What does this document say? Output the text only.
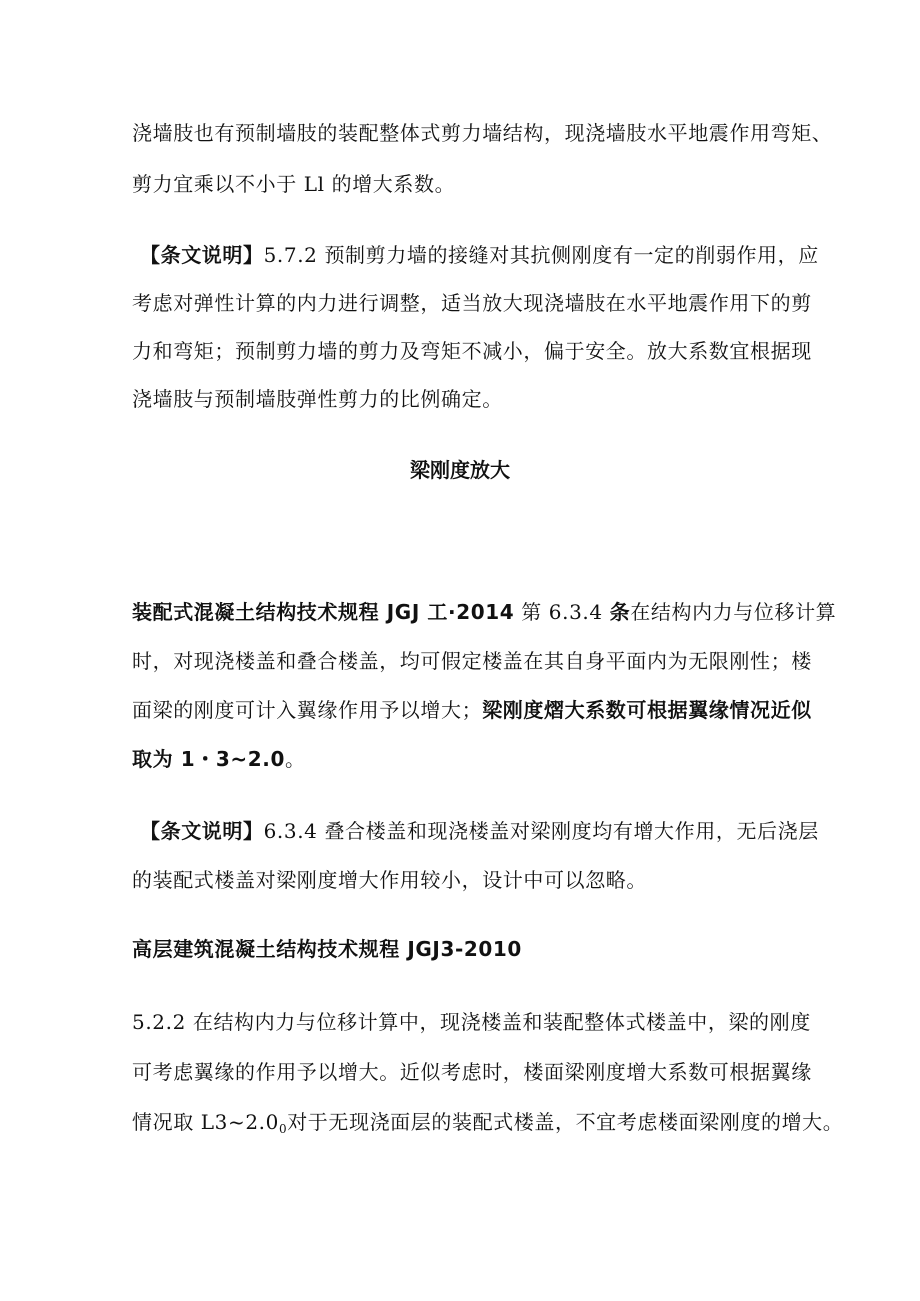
浇墙肢也有预制墙肢的装配整体式剪力墙结构，现浇墙肢水平地震作用弯矩、
剪力宜乘以不小于 Ll 的增大系数。
【条文说明】5.7.2 预制剪力墙的接缝对其抗侧刚度有一定的削弱作用，应
考虑对弹性计算的内力进行调整，适当放大现浇墙肢在水平地震作用下的剪
力和弯矩；预制剪力墙的剪力及弯矩不减小，偏于安全。放大系数宜根据现
浇墙肢与预制墙肢弹性剪力的比例确定。
梁刚度放大
装配式混凝土结构技术规程 JGJ 工·2014 第 6.3.4 条在结构内力与位移计算
时，对现浇楼盖和叠合楼盖，均可假定楼盖在其自身平面内为无限刚性；楼
面梁的刚度可计入翼缘作用予以增大；梁刚度熠大系数可根据翼缘情况近似
取为 1・3~2.0。
【条文说明】6.3.4 叠合楼盖和现浇楼盖对梁刚度均有增大作用，无后浇层
的装配式楼盖对梁刚度增大作用较小，设计中可以忽略。
高层建筑混凝土结构技术规程 JGJ3-2010
5.2.2 在结构内力与位移计算中，现浇楼盖和装配整体式楼盖中，梁的刚度
可考虑翼缘的作用予以增大。近似考虑时，楼面梁刚度增大系数可根据翼缘
情况取 $L3\sim 2.0_0$对于无现浇面层的装配式楼盖，不宜考虑楼面梁刚度的增大。
